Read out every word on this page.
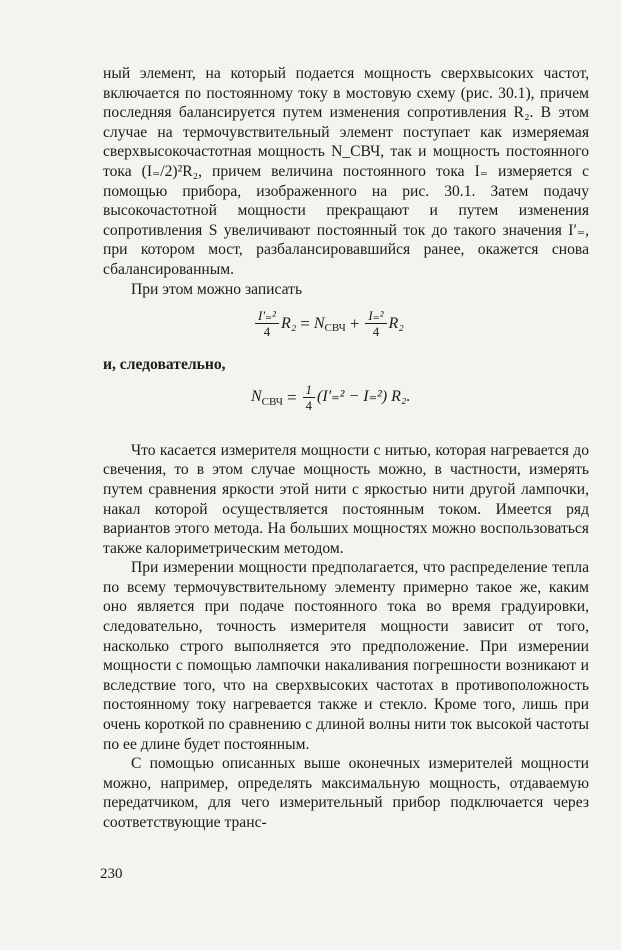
ный элемент, на который подается мощность сверхвысоких частот, включается по постоянному току в мостовую схему (рис. 30.1), причем последняя балансируется путем изменения сопротивления R₂. В этом случае на термочувствительный элемент поступает как измеряемая сверхвысокочастотная мощность N_СВЧ, так и мощность постоянного тока (I₌/2)²R₂, причем величина постоянного тока I₌ измеряется с помощью прибора, изображенного на рис. 30.1. Затем подачу высокочастотной мощности прекращают и путем изменения сопротивления S увеличивают постоянный ток до такого значения I′₌, при котором мост, разбалансировавшийся ранее, окажется снова сбалансированным.

При этом можно записать

$\frac{\text{I′₌²}}{4} R_2 = N$ СВЧ + $\frac{\text{I₌²}}{4} R_2$

и, следовательно,

N СВЧ = $\frac{1}{4} (I'_=^2 - I_=^2)$ R₂.

Что касается измерителя мощности с нитью, которая нагревается до свечения, то в этом случае мощность можно, в частности, измерять путем сравнения яркости этой нити с яркостью нити другой лампочки, накал которой осуществляется постоянным током. Имеется ряд вариантов этого метода. На больших мощностях можно воспользоваться также калориметрическим методом.

При измерении мощности предполагается, что распределение тепла по всему термочувствительному элементу примерно такое же, каким оно является при подаче постоянного тока во время градуировки, следовательно, точность измерителя мощности зависит от того, насколько строго выполняется это предположение. При измерении мощности с помощью лампочки накаливания погрешности возникают и вследствие того, что на сверхвысоких частотах в противоположность постоянному току нагревается также и стекло. Кроме того, лишь при очень короткой по сравнению с длиной волны нити ток высокой частоты по ее длине будет постоянным.

С помощью описанных выше оконечных измерителей мощности можно, например, определять максимальную мощность, отдаваемую передатчиком, для чего измерительный прибор подключается через соответствующие транс-

230
